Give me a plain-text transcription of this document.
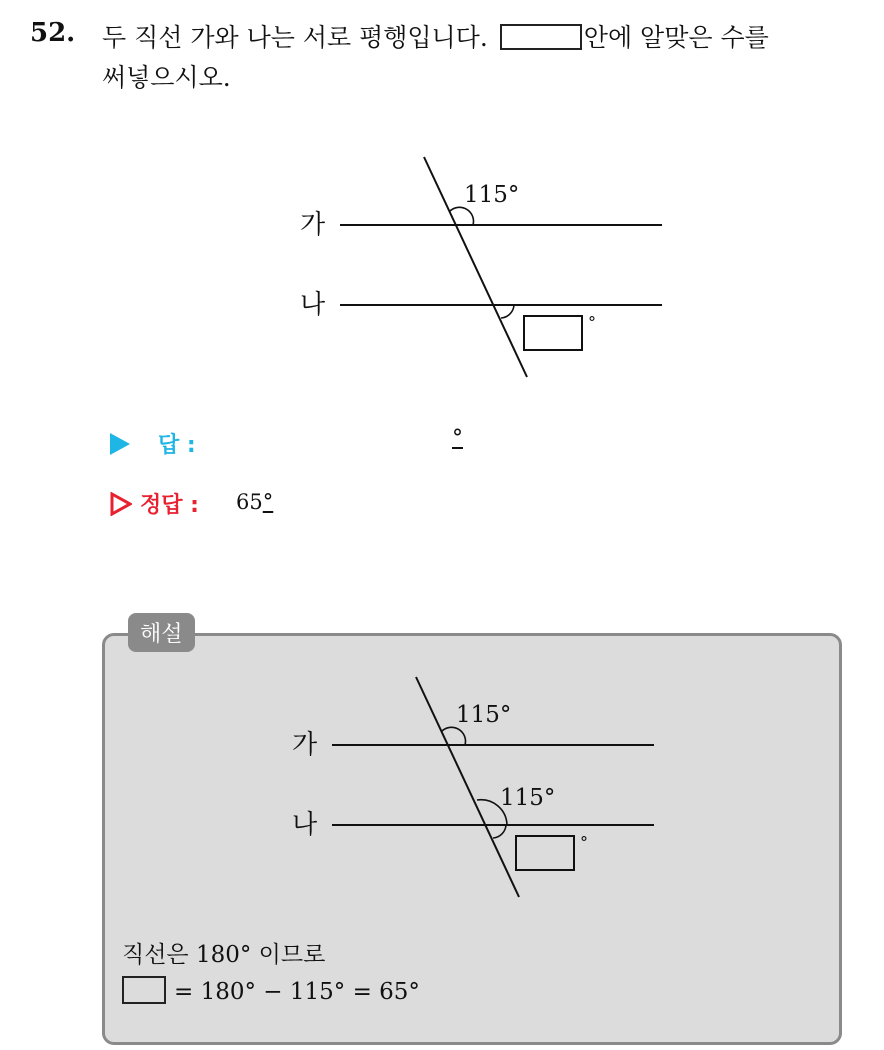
52. 두 직선 가와 나는 서로 평행입니다.	안에 알맞은 수를
써넣으시오.
가
나
115°
°
답 :	°
정답 : 65°
해설
가
나
115°
115°
°
직선은 180° 이므로
= 180° − 115° = 65°
